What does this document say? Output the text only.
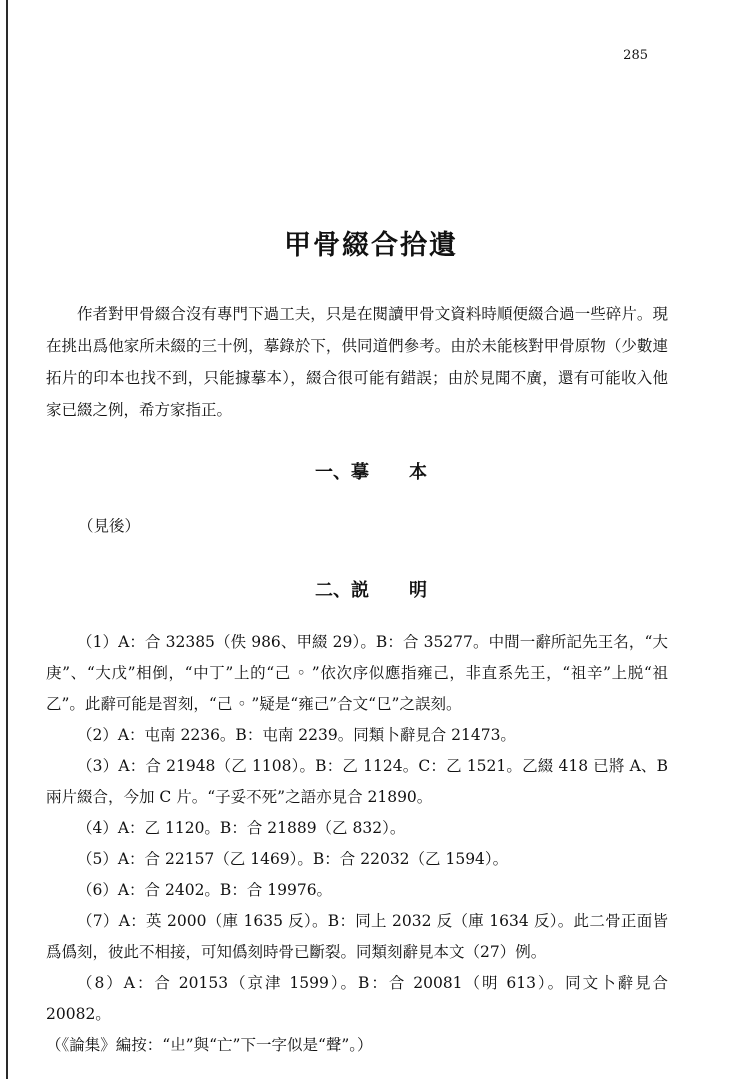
285
甲骨綴合拾遺

作者對甲骨綴合沒有專門下過工夫，只是在閱讀甲骨文資料時順便綴合過一些碎片。現在挑出爲他家所未綴的三十例，摹錄於下，供同道們參考。由於未能核對甲骨原物（少數連拓片的印本也找不到，只能據摹本），綴合很可能有錯誤；由於見聞不廣，還有可能收入他家已綴之例，希方家指正。

一、摹 本
（見後）
二、説 明

（1）A：合 32385（佚 986、甲綴 29）。B：合 35277。中間一辭所記先王名，“大庚”、“大戊”相倒，“中丁”上的“己 ◦ ”依次序似應指雍己，非直系先王，“祖辛”上脱“祖乙”。此辭可能是習刻，“己 ◦ ”疑是“雍己”合文“㔾”之誤刻。

（2）A：屯南 2236。B：屯南 2239。同類卜辭見合 21473。

（3）A：合 21948（乙 1108）。B：乙 1124。C：乙 1521。乙綴 418 已將 A、B 兩片綴合，今加 C 片。“子妥不死”之語亦見合 21890。

（4）A：乙 1120。B：合 21889（乙 832）。

（5）A：合 22157（乙 1469）。B：合 22032（乙 1594）。

（6）A：合 2402。B：合 19976。

（7）A：英 2000（庫 1635 反）。B：同上 2032 反（庫 1634 反）。此二骨正面皆爲僞刻，彼此不相接，可知僞刻時骨已斷裂。同類刻辭見本文（27）例。

（8）A：合 20153（京津 1599）。B：合 20081（明 613）。同文卜辭見合 20082。

（《論集》編按：“𡳿”與“亡”下一字似是“聲”。）
